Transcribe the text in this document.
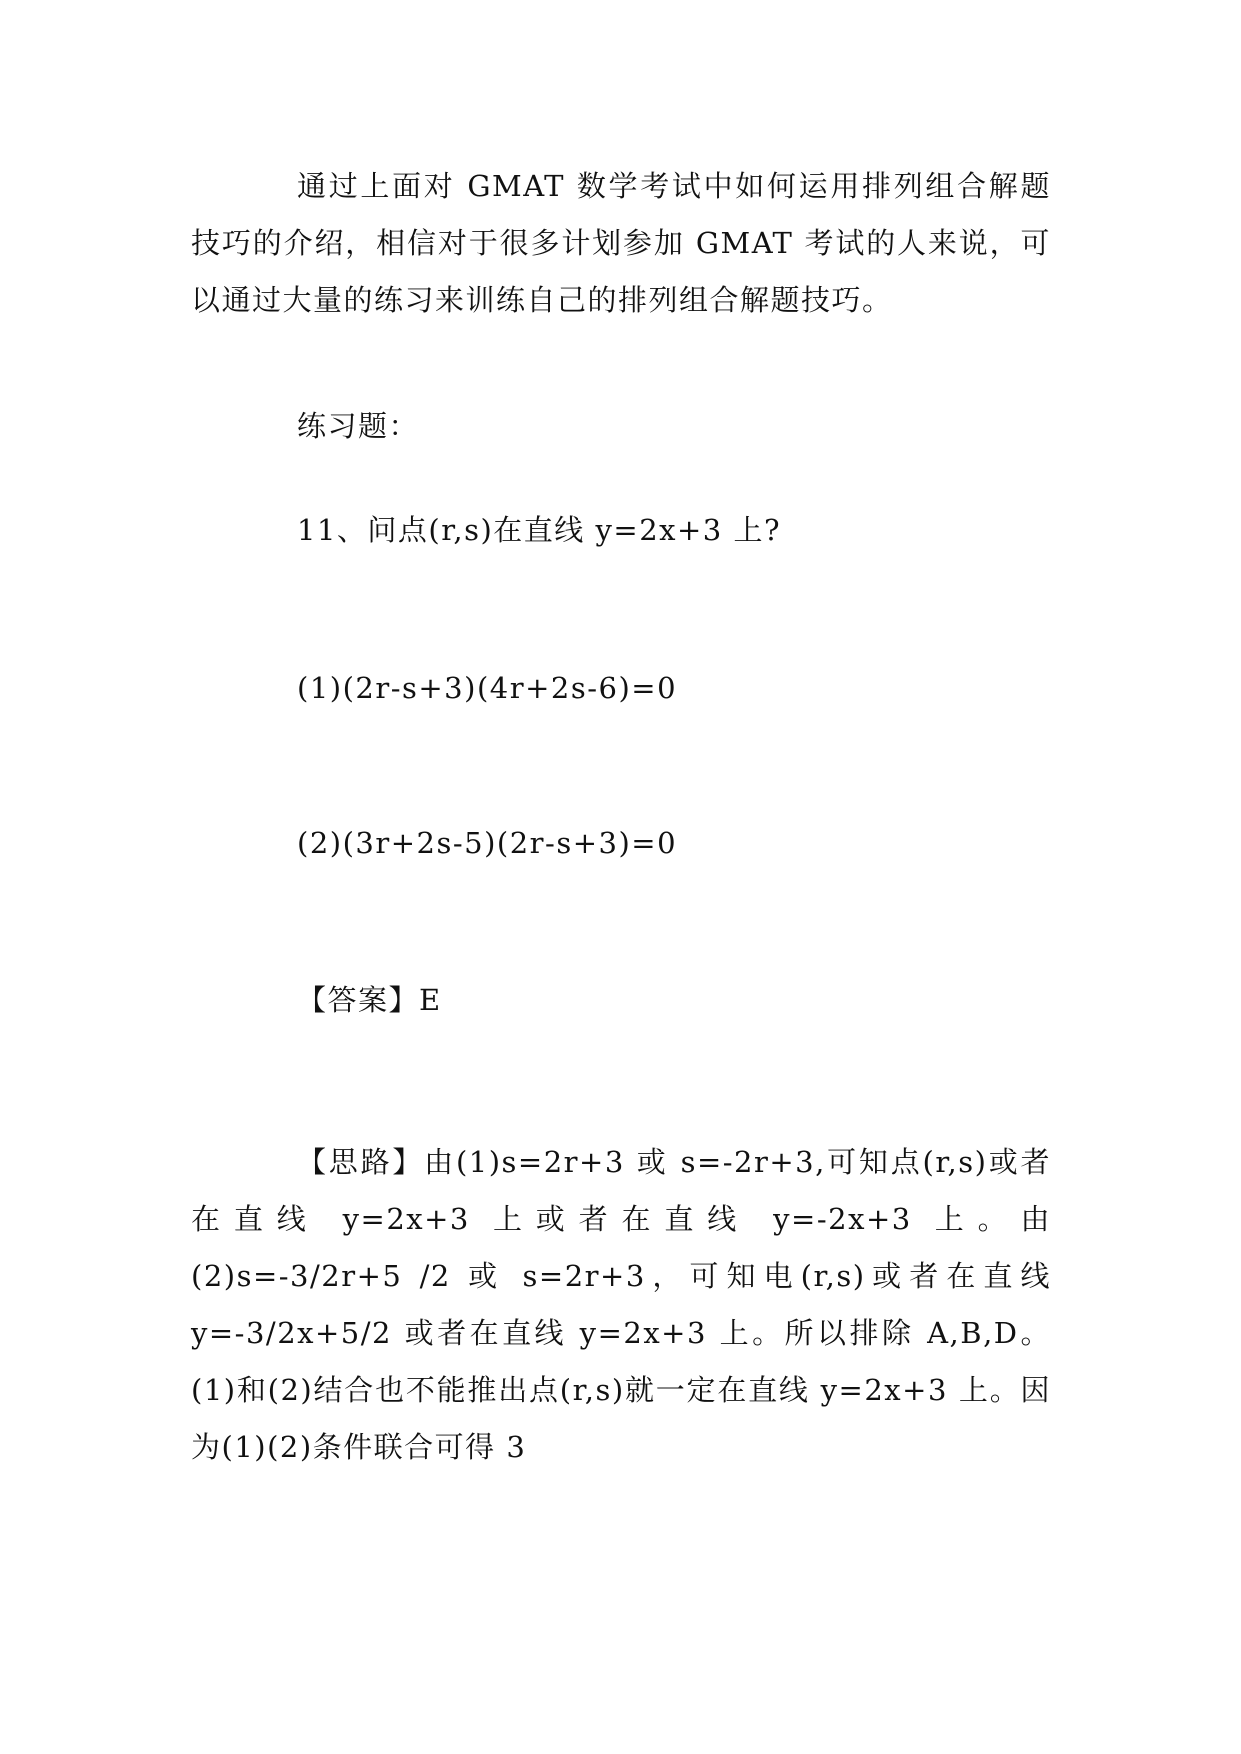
通过上面对 GMAT 数学考试中如何运用排列组合解题技巧的介绍，相信对于很多计划参加 GMAT 考试的人来说，可以通过大量的练习来训练自己的排列组合解题技巧。

练习题：

11、问点(r,s)在直线 y=2x+3 上?

(1)(2r-s+3)(4r+2s-6)=0

(2)(3r+2s-5)(2r-s+3)=0

【答案】E

【思路】由(1)s=2r+3 或 s=-2r+3,可知点(r,s)或者在直线 y=2x+3 上或者在直线 y=-2x+3 上。由(2)s=-3/2r+5 /2 或 s=2r+3，可知电(r,s)或者在直线 y=-3/2x+5/2 或者在直线 y=2x+3 上。所以排除 A,B,D。(1)和(2)结合也不能推出点(r,s)就一定在直线 y=2x+3 上。因为(1)(2)条件联合可得 3
